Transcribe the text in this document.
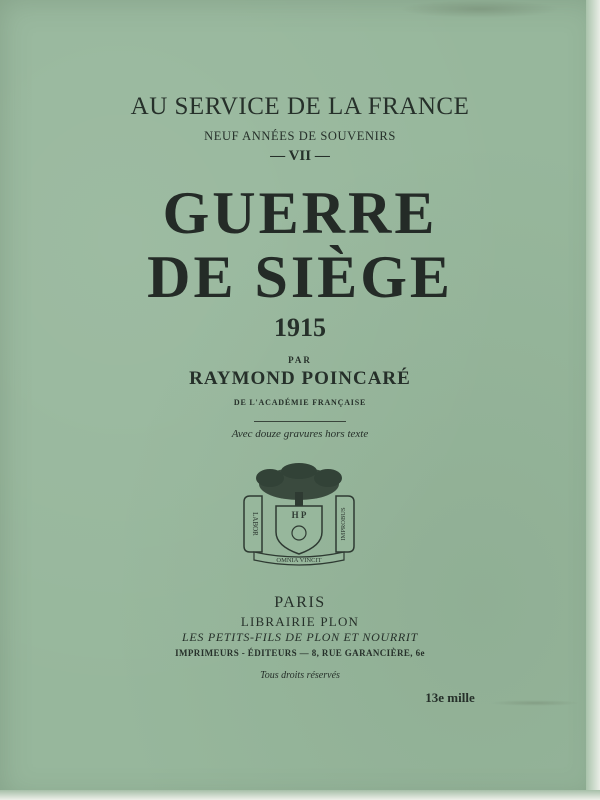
AU SERVICE DE LA FRANCE
NEUF ANNÉES DE SOUVENIRS
— VII —
GUERRE
DE SIÈGE
1915
PAR
RAYMOND POINCARÉ
DE L'ACADÉMIE FRANÇAISE
Avec douze gravures hors texte
H P
LABOR	IMPROBUS
OMNIA VINCIT
PARIS
LIBRAIRIE PLON
LES PETITS-FILS DE PLON ET NOURRIT
IMPRIMEURS - ÉDITEURS — 8, RUE GARANCIÈRE, 6e
Tous droits réservés
13e mille
